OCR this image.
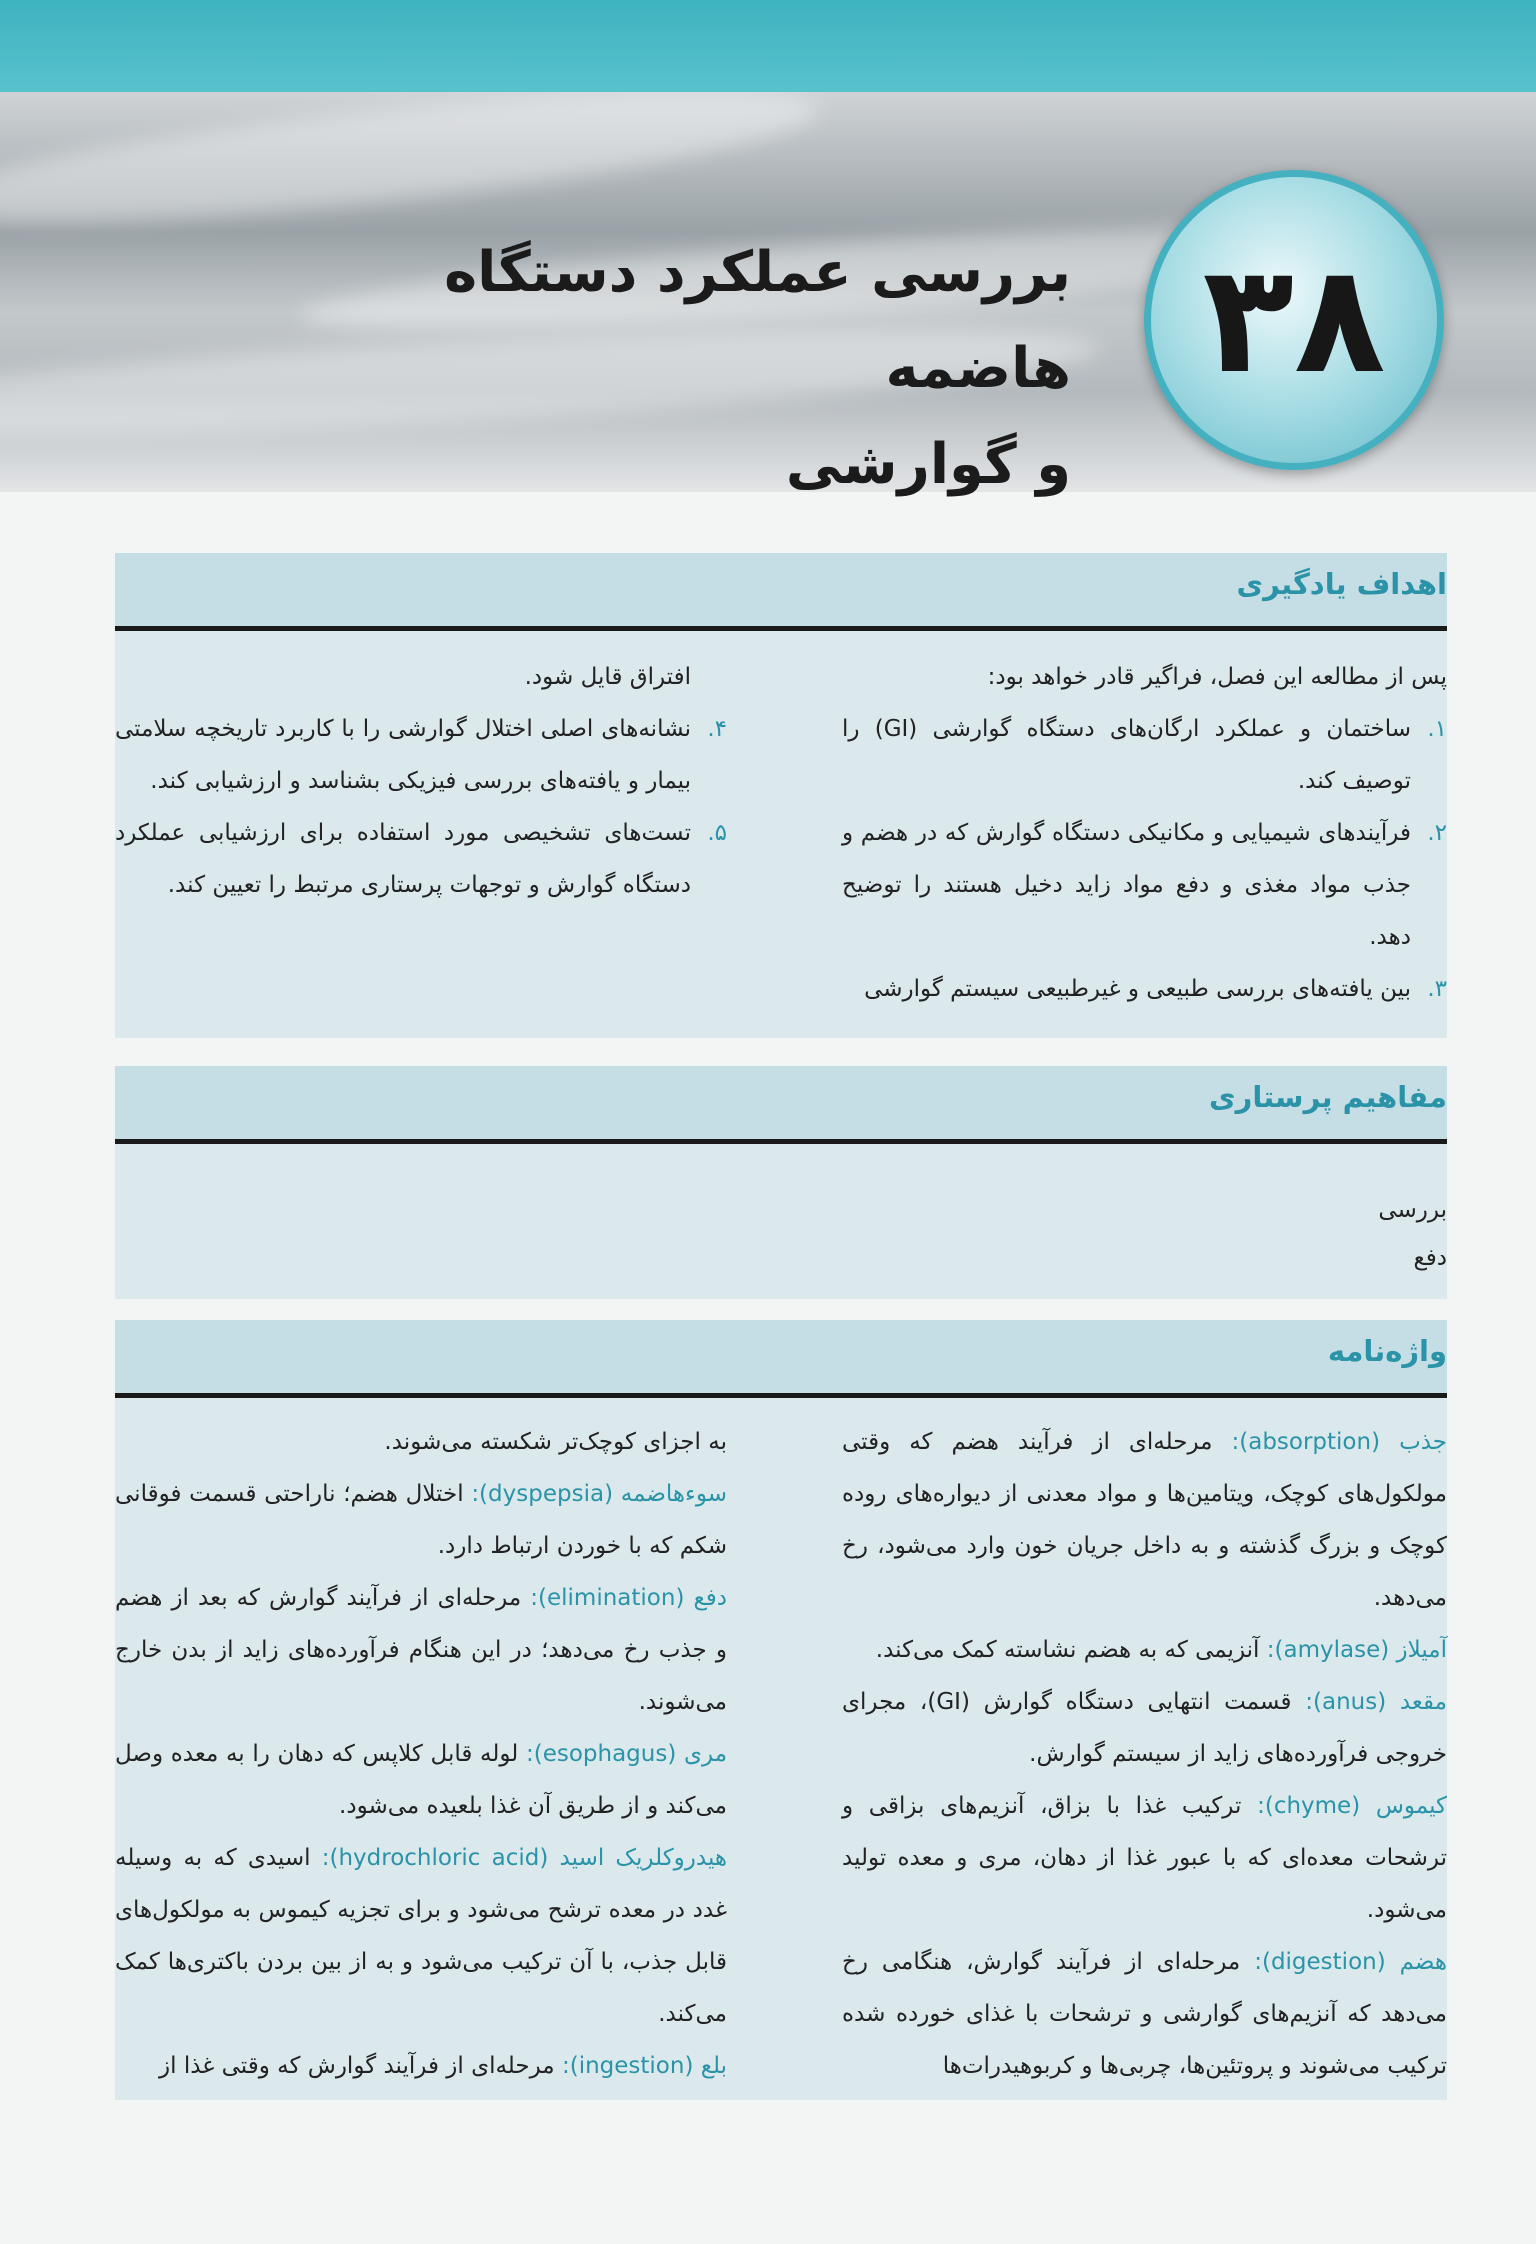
۳۸
بررسی عملکرد دستگاه هاضمه
و گوارشی
اهداف یادگیری
پس از مطالعه این فصل، فراگیر قادر خواهد بود:
۱.
ساختمان و عملکرد ارگان‌های دستگاه گوارشی (GI) را توصیف کند.
۲.
فرآیندهای شیمیایی و مکانیکی دستگاه گوارش که در هضم و جذب مواد مغذی و دفع مواد زاید دخیل هستند را توضیح دهد.
۳.
بین یافته‌های بررسی طبیعی و غیرطبیعی سیستم گوارشی
افتراق قایل شود.
۴.
نشانه‌های اصلی اختلال گوارشی را با کاربرد تاریخچه سلامتی بیمار و یافته‌های بررسی فیزیکی بشناسد و ارزشیابی کند.
۵.
تست‌های تشخیصی مورد استفاده برای ارزشیابی عملکرد دستگاه گوارش و توجهات پرستاری مرتبط را تعیین کند.
مفاهیم پرستاری
بررسی
دفع
واژه‌نامه
جذب (absorption): مرحله‌ای از فرآیند هضم که وقتی مولکول‌های کوچک، ویتامین‌ها و مواد معدنی از دیواره‌های روده کوچک و بزرگ گذشته و به داخل جریان خون وارد می‌شود، رخ می‌دهد.
آمیلاز (amylase): آنزیمی که به هضم نشاسته کمک می‌کند.
مقعد (anus): قسمت انتهایی دستگاه گوارش (GI)، مجرای خروجی فرآورده‌های زاید از سیستم گوارش.
کیموس (chyme): ترکیب غذا با بزاق، آنزیم‌های بزاقی و ترشحات معده‌ای که با عبور غذا از دهان، مری و معده تولید می‌شود.
هضم (digestion): مرحله‌ای از فرآیند گوارش، هنگامی رخ می‌دهد که آنزیم‌های گوارشی و ترشحات با غذای خورده شده ترکیب می‌شوند و پروتئین‌ها، چربی‌ها و کربوهیدرات‌ها
به اجزای کوچک‌تر شکسته می‌شوند.
سوءهاضمه (dyspepsia): اختلال هضم؛ ناراحتی قسمت فوقانی شکم که با خوردن ارتباط دارد.
دفع (elimination): مرحله‌ای از فرآیند گوارش که بعد از هضم و جذب رخ می‌دهد؛ در این هنگام فرآورده‌های زاید از بدن خارج می‌شوند.
مری (esophagus): لوله قابل کلاپس که دهان را به معده وصل می‌کند و از طریق آن غذا بلعیده می‌شود.
هیدروکلریک اسید (hydrochloric acid): اسیدی که به وسیله غدد در معده ترشح می‌شود و برای تجزیه کیموس به مولکول‌های قابل جذب، با آن ترکیب می‌شود و به از بین بردن باکتری‌ها کمک می‌کند.
بلع (ingestion): مرحله‌ای از فرآیند گوارش که وقتی غذا از
